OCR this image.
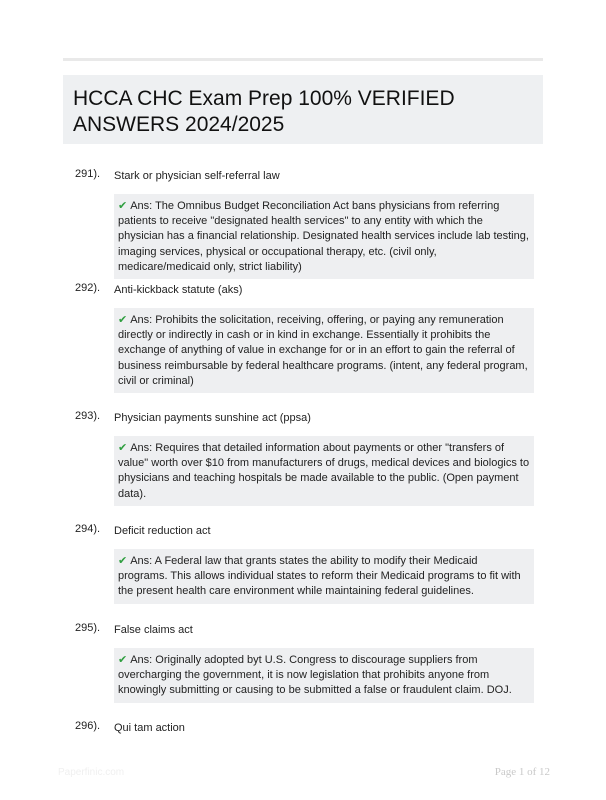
HCCA CHC Exam Prep 100% VERIFIED ANSWERS 2024/2025
291). Stark or physician self-referral law
✔ Ans: The Omnibus Budget Reconciliation Act bans physicians from referring patients to receive "designated health services" to any entity with which the physician has a financial relationship. Designated health services include lab testing, imaging services, physical or occupational therapy, etc. (civil only, medicare/medicaid only, strict liability)
292). Anti-kickback statute (aks)
✔ Ans: Prohibits the solicitation, receiving, offering, or paying any remuneration directly or indirectly in cash or in kind in exchange. Essentially it prohibits the exchange of anything of value in exchange for or in an effort to gain the referral of business reimbursable by federal healthcare programs. (intent, any federal program, civil or criminal)
293). Physician payments sunshine act (ppsa)
✔ Ans: Requires that detailed information about payments or other "transfers of value" worth over $10 from manufacturers of drugs, medical devices and biologics to physicians and teaching hospitals be made available to the public. (Open payment data).
294). Deficit reduction act
✔ Ans: A Federal law that grants states the ability to modify their Medicaid programs. This allows individual states to reform their Medicaid programs to fit with the present health care environment while maintaining federal guidelines.
295). False claims act
✔ Ans: Originally adopted byt U.S. Congress to discourage suppliers from overcharging the government, it is now legislation that prohibits anyone from knowingly submitting or causing to be submitted a false or fraudulent claim. DOJ.
296). Qui tam action
Paperfinic.com	Page 1 of 12
